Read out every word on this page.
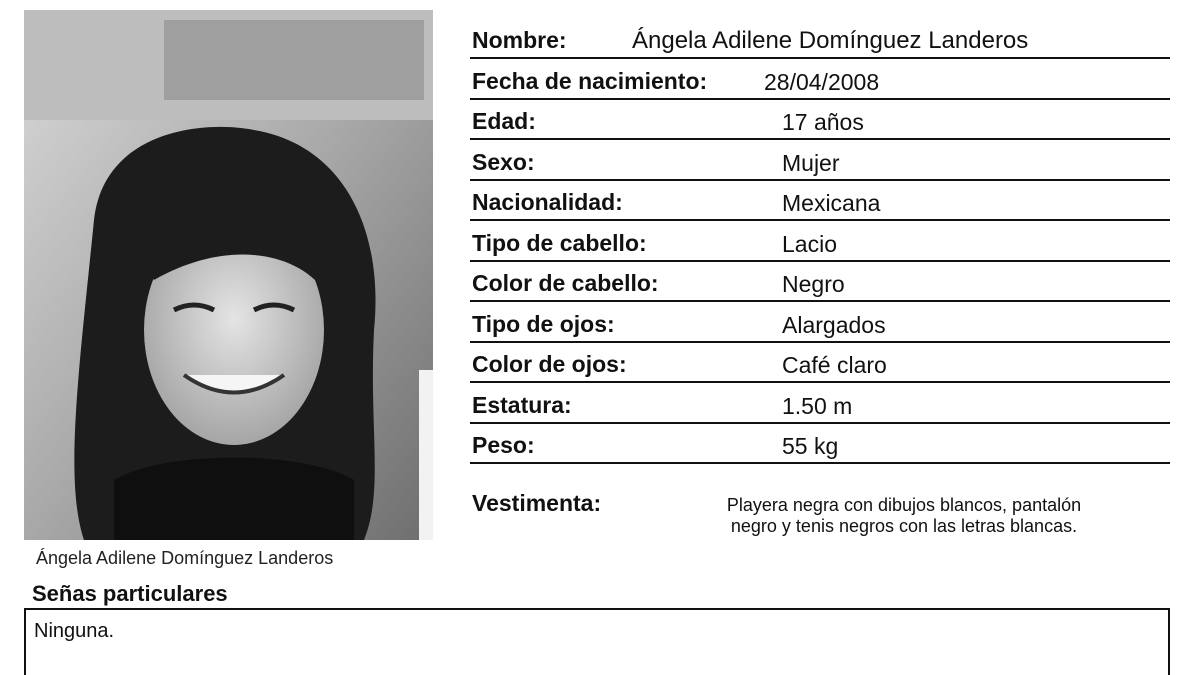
Ángela Adilene Domínguez Landeros
Nombre:	Ángela Adilene Domínguez Landeros
Fecha de nacimiento: 28/04/2008
Edad:	17 años
Sexo:	Mujer
Nacionalidad:	Mexicana
Tipo de cabello:	Lacio
Color de cabello:	Negro
Tipo de ojos:	Alargados
Color de ojos:	Café claro
Estatura:	1.50 m
Peso:	55 kg
Vestimenta:	Playera negra con dibujos blancos, pantalón
negro y tenis negros con las letras blancas.
Señas particulares
Ninguna.
